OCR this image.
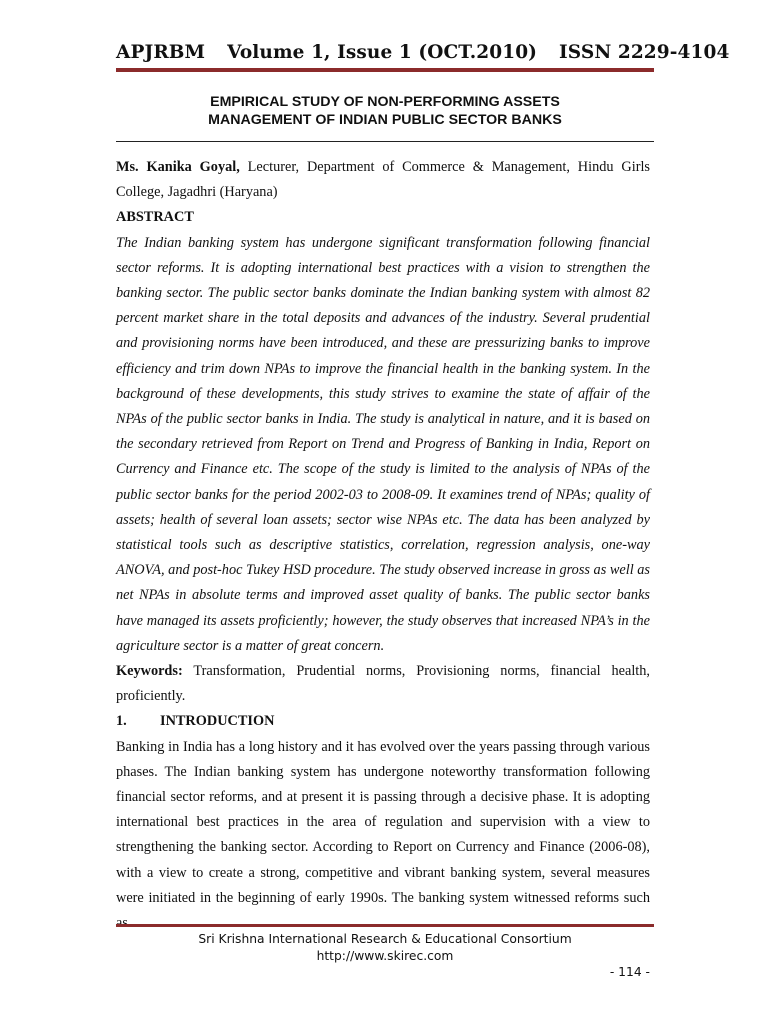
APJRBM Volume 1, Issue 1 (OCT.2010) ISSN 2229-4104
EMPIRICAL STUDY OF NON-PERFORMING ASSETS
MANAGEMENT OF INDIAN PUBLIC SECTOR BANKS

Ms. Kanika Goyal, Lecturer, Department of Commerce & Management, Hindu Girls College, Jagadhri (Haryana)

ABSTRACT

The Indian banking system has undergone significant transformation following financial sector reforms. It is adopting international best practices with a vision to strengthen the banking sector. The public sector banks dominate the Indian banking system with almost 82 percent market share in the total deposits and advances of the industry. Several prudential and provisioning norms have been introduced, and these are pressurizing banks to improve efficiency and trim down NPAs to improve the financial health in the banking system. In the background of these developments, this study strives to examine the state of affair of the NPAs of the public sector banks in India. The study is analytical in nature, and it is based on the secondary retrieved from Report on Trend and Progress of Banking in India, Report on Currency and Finance etc. The scope of the study is limited to the analysis of NPAs of the public sector banks for the period 2002-03 to 2008-09. It examines trend of NPAs; quality of assets; health of several loan assets; sector wise NPAs etc. The data has been analyzed by statistical tools such as descriptive statistics, correlation, regression analysis, one-way ANOVA, and post-hoc Tukey HSD procedure. The study observed increase in gross as well as net NPAs in absolute terms and improved asset quality of banks. The public sector banks have managed its assets proficiently; however, the study observes that increased NPA’s in the agriculture sector is a matter of great concern.

Keywords: Transformation, Prudential norms, Provisioning norms, financial health, proficiently.

1. INTRODUCTION

Banking in India has a long history and it has evolved over the years passing through various phases. The Indian banking system has undergone noteworthy transformation following financial sector reforms, and at present it is passing through a decisive phase. It is adopting international best practices in the area of regulation and supervision with a view to strengthening the banking sector. According to Report on Currency and Finance (2006-08), with a view to create a strong, competitive and vibrant banking system, several measures were initiated in the beginning of early 1990s. The banking system witnessed reforms such

Sri Krishna International Research & Educational Consortium
http://www.skirec.com
- 114 -
